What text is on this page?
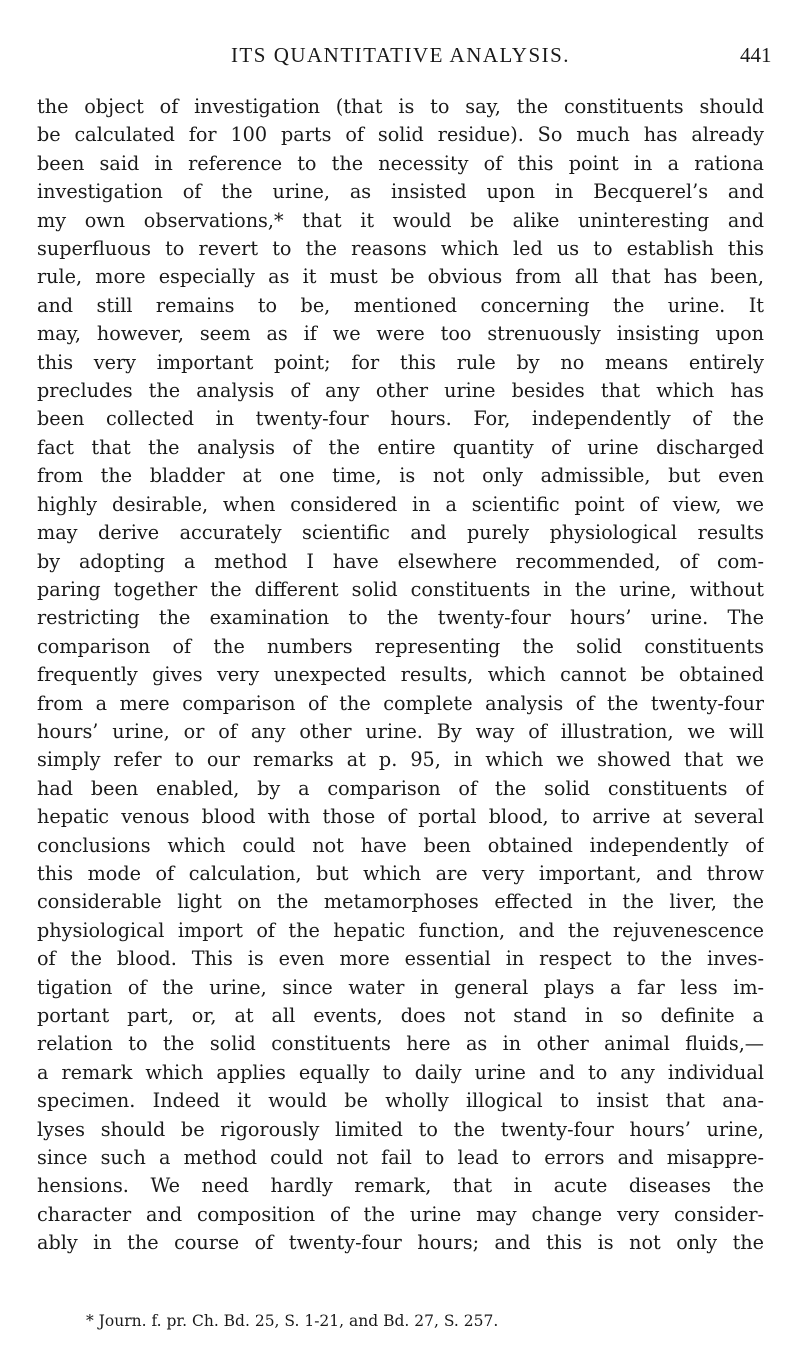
ITS QUANTITATIVE ANALYSIS.	441
the object of investigation (that is to say, the constituents should
be calculated for 100 parts of solid residue). So much has already
been said in reference to the necessity of this point in a rationa
investigation of the urine, as insisted upon in Becquerel’s and
my own observations,* that it would be alike uninteresting and
superfluous to revert to the reasons which led us to establish this
rule, more especially as it must be obvious from all that has been,
and still remains to be, mentioned concerning the urine. It
may, however, seem as if we were too strenuously insisting upon
this very important point; for this rule by no means entirely
precludes the analysis of any other urine besides that which has
been collected in twenty-four hours. For, independently of the
fact that the analysis of the entire quantity of urine discharged
from the bladder at one time, is not only admissible, but even
highly desirable, when considered in a scientific point of view, we
may derive accurately scientific and purely physiological results
by adopting a method I have elsewhere recommended, of com-
paring together the different solid constituents in the urine, without
restricting the examination to the twenty-four hours’ urine. The
comparison of the numbers representing the solid constituents
frequently gives very unexpected results, which cannot be obtained
from a mere comparison of the complete analysis of the twenty-four
hours’ urine, or of any other urine. By way of illustration, we will
simply refer to our remarks at p. 95, in which we showed that we
had been enabled, by a comparison of the solid constituents of
hepatic venous blood with those of portal blood, to arrive at several
conclusions which could not have been obtained independently of
this mode of calculation, but which are very important, and throw
considerable light on the metamorphoses effected in the liver, the
physiological import of the hepatic function, and the rejuvenescence
of the blood. This is even more essential in respect to the inves-
tigation of the urine, since water in general plays a far less im-
portant part, or, at all events, does not stand in so definite a
relation to the solid constituents here as in other animal fluids,—
a remark which applies equally to daily urine and to any individual
specimen. Indeed it would be wholly illogical to insist that ana-
lyses should be rigorously limited to the twenty-four hours’ urine,
since such a method could not fail to lead to errors and misappre-
hensions. We need hardly remark, that in acute diseases the
character and composition of the urine may change very consider-
ably in the course of twenty-four hours; and this is not only the
* Journ. f. pr. Ch. Bd. 25, S. 1-21, and Bd. 27, S. 257.
